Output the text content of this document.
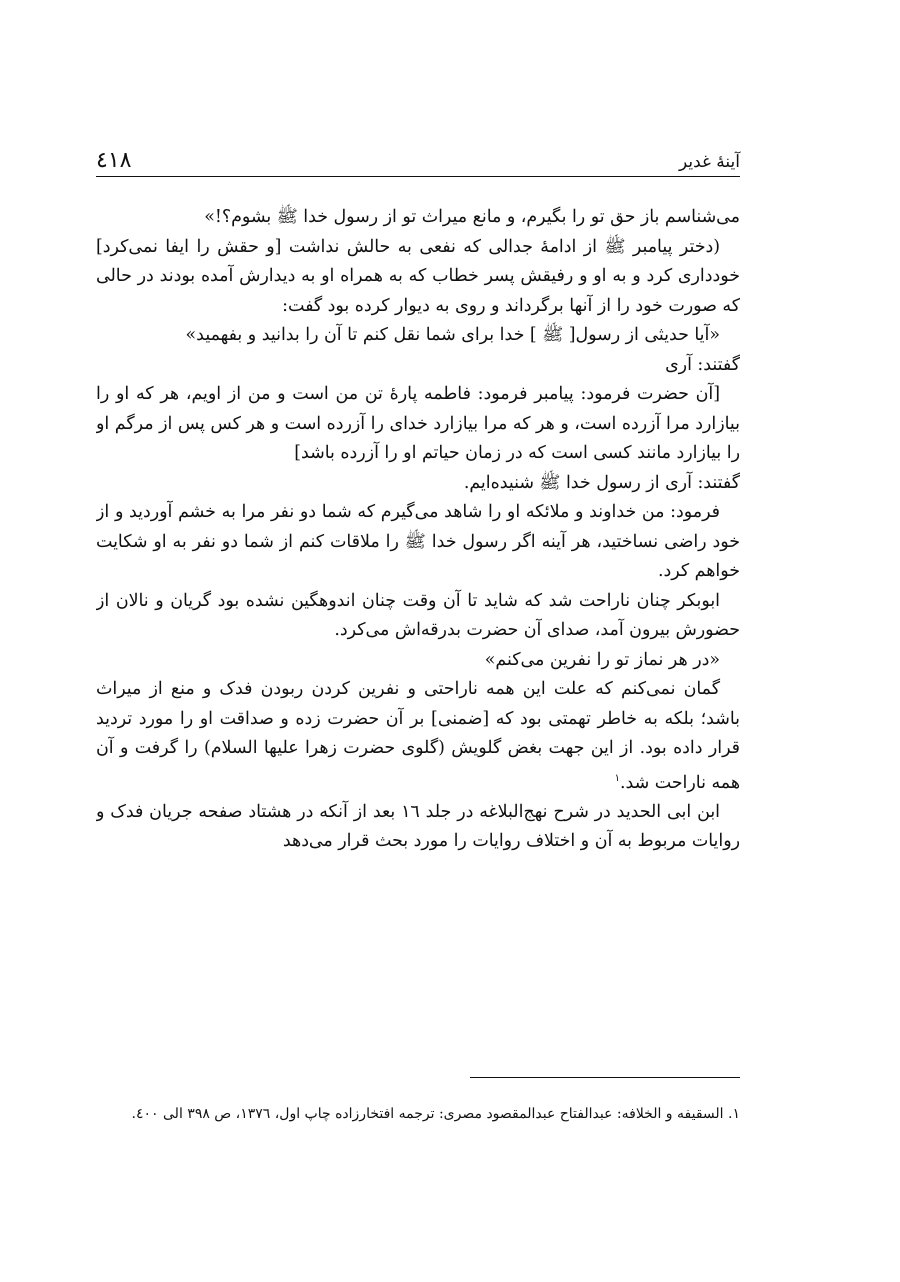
٤١٨	آینهٔ غدیر

می‌شناسم باز حق تو را بگیرم، و مانع میراث تو از رسول خدا ﷺ بشوم؟!»

(دختر پیامبر ﷺ از ادامهٔ جدالی که نفعی به حالش نداشت [و حقش را ایفا نمی‌کرد] خودداری کرد و به او و رفیقش پسر خطاب که به همراه او به دیدارش آمده بودند در حالی که صورت خود را از آنها برگرداند و روی به دیوار کرده بود گفت:

«آیا حدیثی از رسول[ ﷺ ] خدا برای شما نقل کنم تا آن را بدانید و بفهمید»

گفتند: آری

[آن حضرت فرمود: پیامبر فرمود: فاطمه پارهٔ تن من است و من از اویم، هر که او را بیازارد مرا آزرده است، و هر که مرا بیازارد خدای را آزرده است و هر کس پس از مرگم او را بیازارد مانند کسی است که در زمان حیاتم او را آزرده باشد]

گفتند: آری از رسول خدا ﷺ شنیده‌ایم.

فرمود: من خداوند و ملائکه او را شاهد می‌گیرم که شما دو نفر مرا به خشم آوردید و از خود راضی نساختید، هر آینه اگر رسول خدا ﷺ را ملاقات کنم از شما دو نفر به او شکایت خواهم کرد.

ابوبکر چنان ناراحت شد که شاید تا آن وقت چنان اندوهگین نشده بود گریان و نالان از حضورش بیرون آمد، صدای آن حضرت بدرقه‌اش می‌کرد.

«در هر نماز تو را نفرین می‌کنم»

گمان نمی‌کنم که علت این همه ناراحتی و نفرین کردن ربودن فدک و منع از میراث باشد؛ بلکه به خاطر تهمتی بود که [ضمنی] بر آن حضرت زده و صداقت او را مورد تردید قرار داده بود. از این جهت بغض گلویش (گلوی حضرت زهرا علیها السلام) را گرفت و آن همه ناراحت شد.$^١$

ابن ابی الحدید در شرح نهج‌البلاغه در جلد ١٦ بعد از آنکه در هشتاد صفحه جریان فدک و روایات مربوط به آن و اختلاف روایات را مورد بحث قرار می‌دهد

١. السقیفه و الخلافه: عبدالفتاح عبدالمقصود مصری: ترجمه افتخارزاده چاپ اول، ١٣٧٦، ص ٣٩٨ الی ٤٠٠.
